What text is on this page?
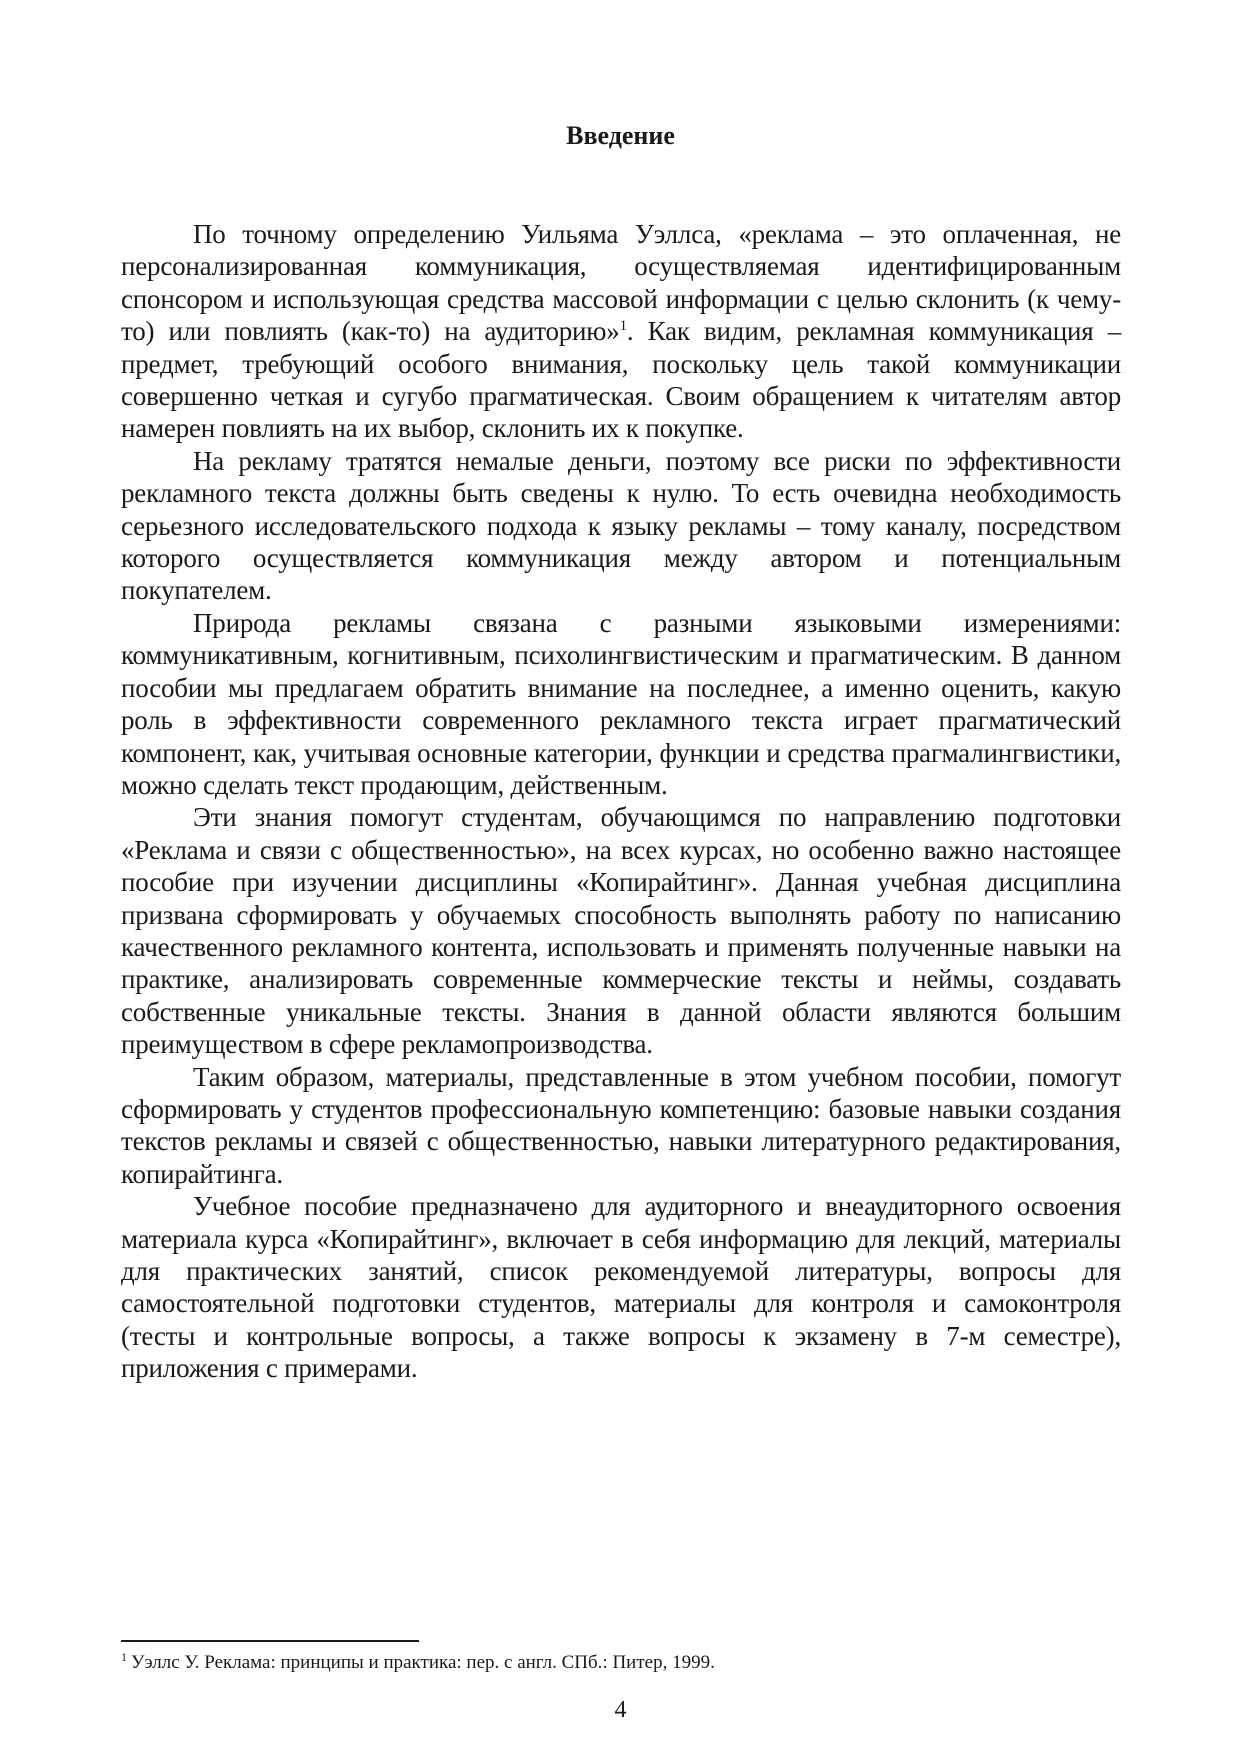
Введение

По точному определению Уильяма Уэллса, «реклама – это оплаченная, не персонализированная коммуникация, осуществляемая идентифицированным спонсором и использующая средства массовой информации с целью склонить (к чему-то) или повлиять (как-то) на аудиторию»$^1$. Как видим, рекламная коммуникация – предмет, требующий особого внимания, поскольку цель такой коммуникации совершенно четкая и сугубо прагматическая. Своим обращением к читателям автор намерен повлиять на их выбор, склонить их к покупке.

На рекламу тратятся немалые деньги, поэтому все риски по эффективности рекламного текста должны быть сведены к нулю. То есть очевидна необходимость серьезного исследовательского подхода к языку рекламы – тому каналу, посредством которого осуществляется коммуникация между автором и потенциальным покупателем.

Природа рекламы связана с разными языковыми измерениями: коммуникативным, когнитивным, психолингвистическим и прагматическим. В данном пособии мы предлагаем обратить внимание на последнее, а именно оценить, какую роль в эффективности современного рекламного текста играет прагматический компонент, как, учитывая основные категории, функции и средства прагмалингвистики, можно сделать текст продающим, действенным.

Эти знания помогут студентам, обучающимся по направлению подготовки «Реклама и связи с общественностью», на всех курсах, но особенно важно настоящее пособие при изучении дисциплины «Копирайтинг». Данная учебная дисциплина призвана сформировать у обучаемых способность выполнять работу по написанию качественного рекламного контента, использовать и применять полученные навыки на практике, анализировать современные коммерческие тексты и неймы, создавать собственные уникальные тексты. Знания в данной области являются большим преимуществом в сфере рекламопроизводства.

Таким образом, материалы, представленные в этом учебном пособии, помогут сформировать у студентов профессиональную компетенцию: базовые навыки создания текстов рекламы и связей с общественностью, навыки литературного редактирования, копирайтинга.

Учебное пособие предназначено для аудиторного и внеаудиторного освоения материала курса «Копирайтинг», включает в себя информацию для лекций, материалы для практических занятий, список рекомендуемой литературы, вопросы для самостоятельной подготовки студентов, материалы для контроля и самоконтроля (тесты и контрольные вопросы, а также вопросы к экзамену в 7-м семестре), приложения с примерами.

$^1$ Уэллс У. Реклама: принципы и практика: пер. с англ. СПб.: Питер, 1999.
4
